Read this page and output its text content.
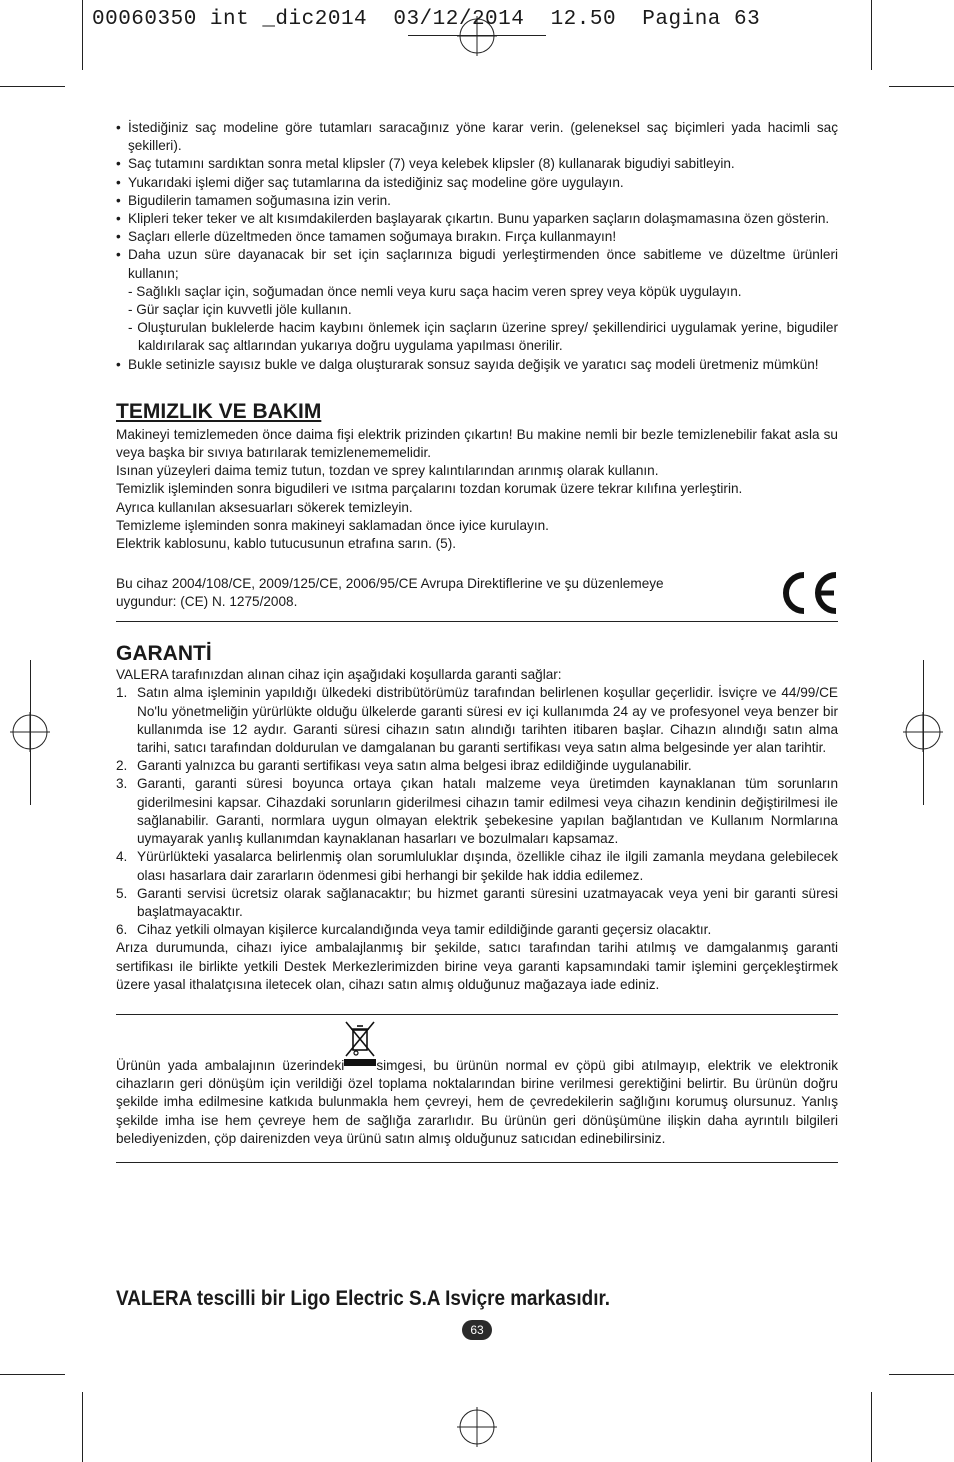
00060350 int _dic2014  03/12/2014  12.50  Pagina 63
• İstediğiniz saç modeline göre tutamları saracağınız yöne karar verin. (geleneksel saç biçimleri yada hacimli saç şekilleri).
• Saç tutamını sardıktan sonra metal klipsler (7) veya kelebek klipsler (8) kullanarak bigudiyi sabitleyin.
• Yukarıdaki işlemi diğer saç tutamlarına da istediğiniz saç modeline göre uygulayın.
• Bigudilerin tamamen soğumasına izin verin.
• Klipleri teker teker ve alt kısımdakilerden başlayarak çıkartın. Bunu yaparken saçların dolaşmamasına özen gösterin.
• Saçları ellerle düzeltmeden önce tamamen soğumaya bırakın. Fırça kullanmayın!
• Daha uzun süre dayanacak bir set için saçlarınıza bigudi yerleştirmenden önce sabitleme ve düzeltme ürünleri kullanın;
- Sağlıklı saçlar için, soğumadan önce nemli veya kuru saça hacim veren sprey veya köpük uygulayın.
- Gür saçlar için kuvvetli jöle kullanın.
- Oluşturulan buklelerde hacim kaybını önlemek için saçların üzerine sprey/ şekillendirici uygulamak yerine, bigudiler kaldırılarak saç altlarından yukarıya doğru uygulama yapılması önerilir.
• Bukle setinizle sayısız bukle ve dalga oluşturarak sonsuz sayıda değişik ve yaratıcı saç modeli üretmeniz mümkün!
TEMIZLIK VE BAKIM

Makineyi temizlemeden önce daima fişi elektrik prizinden çıkartın! Bu makine nemli bir bezle temizlenebilir fakat asla su veya başka bir sıvıya batırılarak temizlenememelidir.

Isınan yüzeyleri daima temiz tutun, tozdan ve sprey kalıntılarından arınmış olarak kullanın.

Temizlik işleminden sonra bigudileri ve ısıtma parçalarını tozdan korumak üzere tekrar kılıfına yerleştirin.

Ayrıca kullanılan aksesuarları sökerek temizleyin.

Temizleme işleminden sonra makineyi saklamadan önce iyice kurulayın.

Elektrik kablosunu, kablo tutucusunun etrafına sarın. (5).

Bu cihaz 2004/108/CE, 2009/125/CE, 2006/95/CE Avrupa Direktiflerine ve şu düzenlemeye uygundur: (CE) N. 1275/2008.

GARANTİ

VALERA tarafınızdan alınan cihaz için aşağıdaki koşullarda garanti sağlar:

1. Satın alma işleminin yapıldığı ülkedeki distribütörümüz tarafından belirlenen koşullar geçerlidir. İsviçre ve 44/99/CE No'lu yönetmeliğin yürürlükte olduğu ülkelerde garanti süresi ev içi kullanımda 24 ay ve profesyonel veya benzer bir kullanımda ise 12 aydır. Garanti süresi cihazın satın alındığı tarihten itibaren başlar. Cihazın alındığı satın alma tarihi, satıcı tarafından doldurulan ve damgalanan bu garanti sertifikası veya satın alma belgesinde yer alan tarihtir.
2. Garanti yalnızca bu garanti sertifikası veya satın alma belgesi ibraz edildiğinde uygulanabilir.
3. Garanti, garanti süresi boyunca ortaya çıkan hatalı malzeme veya üretimden kaynaklanan tüm sorunların giderilmesini kapsar. Cihazdaki sorunların giderilmesi cihazın tamir edilmesi veya cihazın kendinin değiştirilmesi ile sağlanabilir. Garanti, normlara uygun olmayan elektrik şebekesine yapılan bağlantıdan ve Kullanım Normlarına uymayarak yanlış kullanımdan kaynaklanan hasarları ve bozulmaları kapsamaz.
4. Yürürlükteki yasalarca belirlenmiş olan sorumluluklar dışında, özellikle cihaz ile ilgili zamanla meydana gelebilecek olası hasarlara dair zararların ödenmesi gibi herhangi bir şekilde hak iddia edilemez.
5. Garanti servisi ücretsiz olarak sağlanacaktır; bu hizmet garanti süresini uzatmayacak veya yeni bir garanti süresi başlatmayacaktır.
6. Cihaz yetkili olmayan kişilerce kurcalandığında veya tamir edildiğinde garanti geçersiz olacaktır.

Arıza durumunda, cihazı iyice ambalajlanmış bir şekilde, satıcı tarafından tarihi atılmış ve damgalanmış garanti sertifikası ile birlikte yetkili Destek Merkezlerimizden birine veya garanti kapsamındaki tamir işlemini gerçekleştirmek üzere yasal ithalatçısına iletecek olan, cihazı satın almış olduğunuz mağazaya iade ediniz.

Ürünün yada ambalajının üzerindeki simgesi, bu ürünün normal ev çöpü gibi atılmayıp, elektrik ve elektronik cihazların geri dönüşüm için verildiği özel toplama noktalarından birine verilmesi gerektiğini belirtir. Bu ürünün doğru şekilde imha edilmesine katkıda bulunmakla hem çevreyi, hem de çevredekilerin sağlığını korumuş olursunuz. Yanlış şekilde imha ise hem çevreye hem de sağlığa zararlıdır. Bu ürünün geri dönüşümüne ilişkin daha ayrıntılı bilgileri belediyenizden, çöp dairenizden veya ürünü satın almış olduğunuz satıcıdan edinebilirsiniz.

VALERA tescilli bir Ligo Electric S.A Isviçre markasıdır.
63
